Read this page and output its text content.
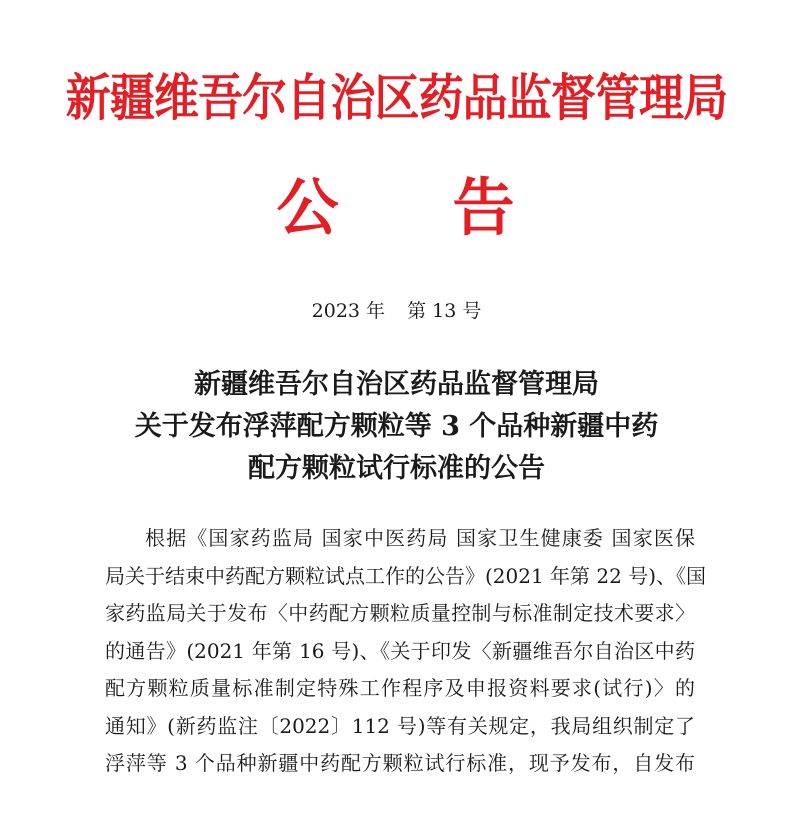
新疆维吾尔自治区药品监督管理局
公 告
2023 年 第 13 号
新疆维吾尔自治区药品监督管理局
关于发布浮萍配方颗粒等 3 个品种新疆中药
配方颗粒试行标准的公告
根据《国家药监局 国家中医药局 国家卫生健康委 国家医保
局关于结束中药配方颗粒试点工作的公告》(2021 年第 22 号)、《国
家药监局关于发布〈中药配方颗粒质量控制与标准制定技术要求〉
的通告》(2021 年第 16 号)、《关于印发〈新疆维吾尔自治区中药
配方颗粒质量标准制定特殊工作程序及申报资料要求(试行)〉的
通知》(新药监注〔2022〕112 号)等有关规定，我局组织制定了
浮萍等 3 个品种新疆中药配方颗粒试行标准，现予发布，自发布
